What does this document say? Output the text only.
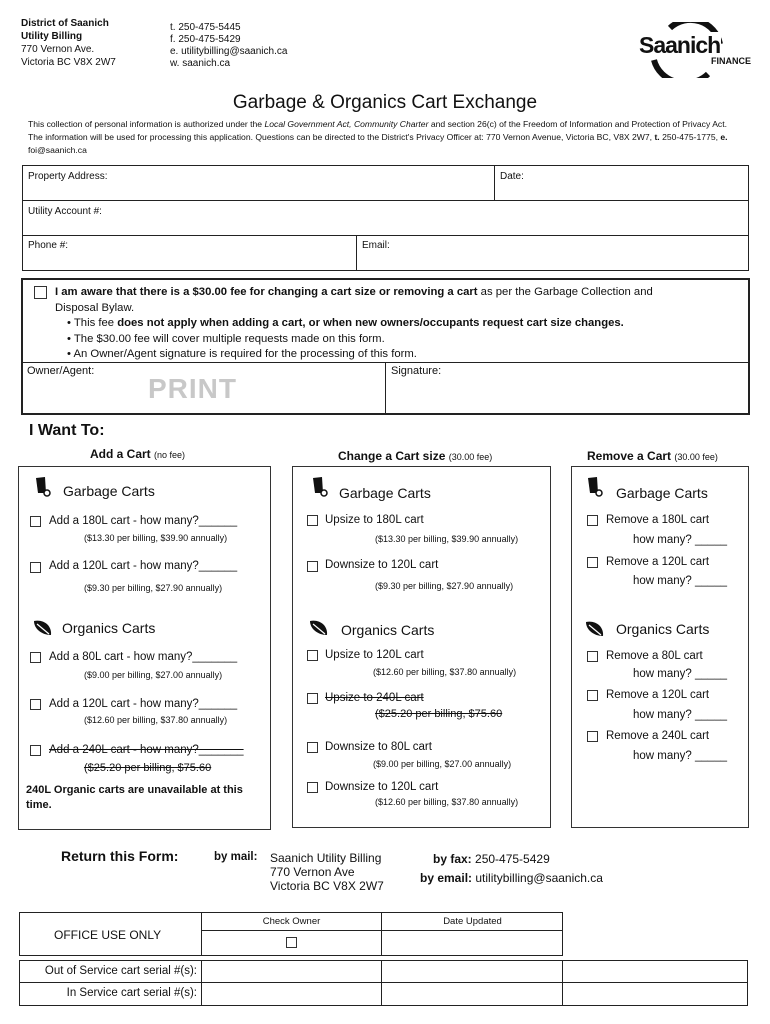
District of Saanich
Utility Billing
770 Vernon Ave.
Victoria BC V8X 2W7
t. 250-475-5445
f. 250-475-5429
e. utilitybilling@saanich.ca
w. saanich.ca
Saanich
FINANCE
Garbage & Organics Cart Exchange
This collection of personal information is authorized under the Local Government Act, Community Charter and section 26(c) of the Freedom of Information and Protection of Privacy Act. The information will be used for processing this application. Questions can be directed to the District's Privacy Officer at: 770 Vernon Avenue, Victoria BC, V8X 2W7, t. 250-475-1775, e. foi@saanich.ca
Property Address:	Date:
Utility Account #:
Phone #:	Email:
I am aware that there is a $30.00 fee for changing a cart size or removing a cart as per the Garbage Collection and
Disposal Bylaw.
• This fee does not apply when adding a cart, or when new owners/occupants request cart size changes.
• The $30.00 fee will cover multiple requests made on this form.
• An Owner/Agent signature is required for the processing of this form.
Owner/Agent:
PRINT
Signature:
I Want To:
Add a Cart (no fee)	Change a Cart size (30.00 fee)	Remove a Cart (30.00 fee)
Garbage Carts
Add a 180L cart - how many?______
($13.30 per billing, $39.90 annually)
Add a 120L cart - how many?______
($9.30 per billing, $27.90 annually)
Organics Carts
Add a 80L cart - how many?_______
($9.00 per billing, $27.00 annually)
Add a 120L cart - how many?______
($12.60 per billing, $37.80 annually)
Add a 240L cart - how many?_______
($25.20 per billing, $75.60
240L Organic carts are unavailable at this time.
Garbage Carts
Upsize to 180L cart
($13.30 per billing, $39.90 annually)
Downsize to 120L cart
($9.30 per billing, $27.90 annually)
Organics Carts
Upsize to 120L cart
($12.60 per billing, $37.80 annually)
Upsize to 240L cart
($25.20 per billing, $75.60
Downsize to 80L cart
($9.00 per billing, $27.00 annually)
Downsize to 120L cart
($12.60 per billing, $37.80 annually)
Garbage Carts
Remove a 180L cart
how many? _____
Remove a 120L cart
how many? _____
Organics Carts
Remove a 80L cart
how many? _____
Remove a 120L cart
how many? _____
Remove a 240L cart
how many? _____
Return this Form:	by mail: Saanich Utility Billing
770 Vernon Ave
Victoria BC V8X 2W7
by fax: 250-475-5429
by email: utilitybilling@saanich.ca
OFFICE USE ONLY
Check Owner	Date Updated
Out of Service cart serial #(s):
In Service cart serial #(s):
